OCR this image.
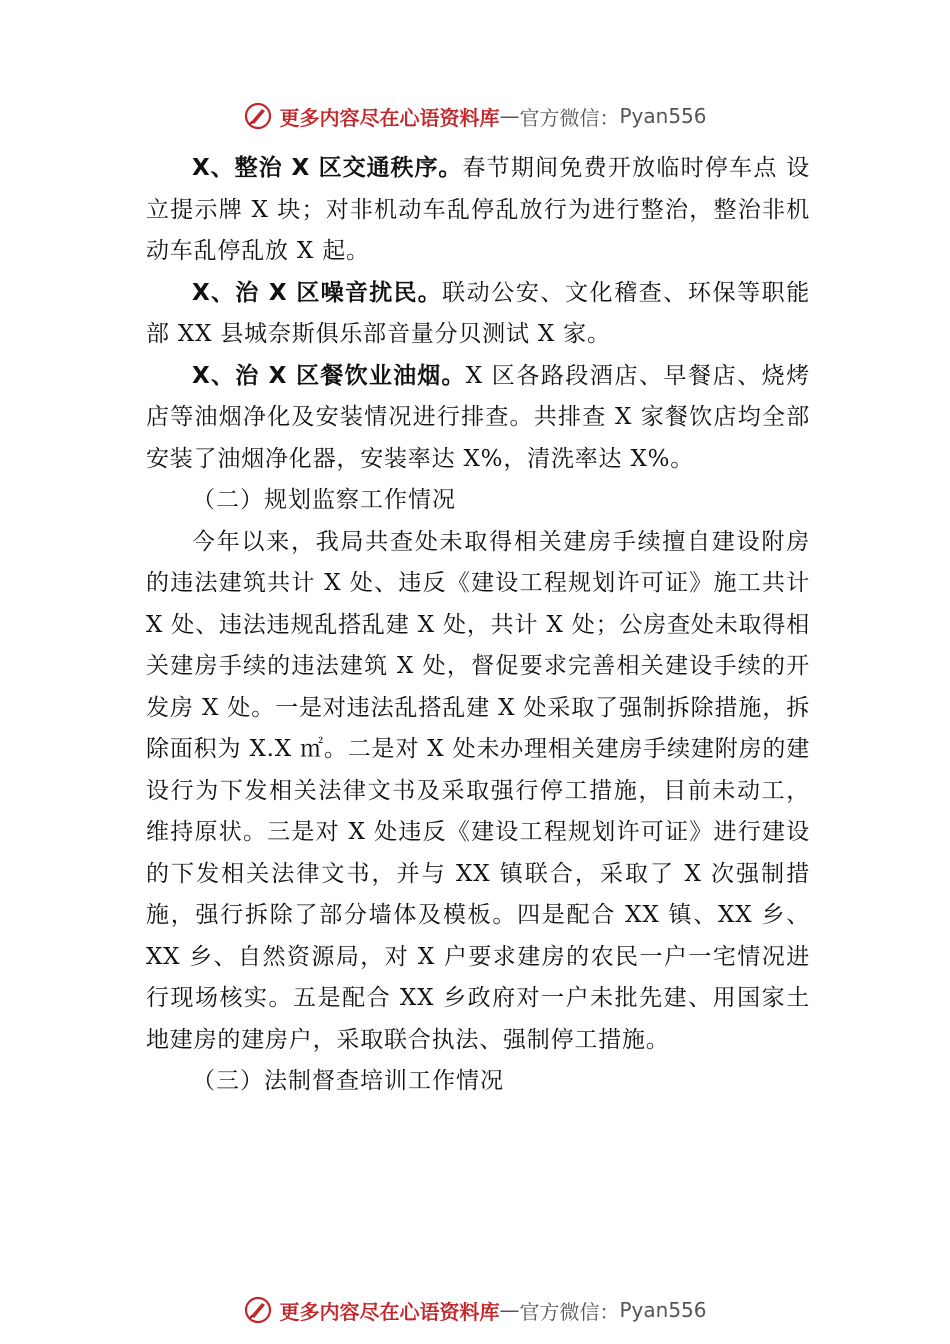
更多内容尽在心语资料库 — 官方微信： Pyan556

X、整治 X 区交通秩序。春节期间免费开放临时停车点 设立提示牌 X 块；对非机动车乱停乱放行为进行整治，整治非机动车乱停乱放 X 起。

X、治 X 区噪音扰民。联动公安、文化稽查、环保等职能部 XX 县城奈斯俱乐部音量分贝测试 X 家。

X、治 X 区餐饮业油烟。X 区各路段酒店、早餐店、烧烤店等油烟净化及安装情况进行排查。共排查 X 家餐饮店均全部安装了油烟净化器，安装率达 X%，清洗率达 X%。

（二）规划监察工作情况

今年以来，我局共查处未取得相关建房手续擅自建设附房的违法建筑共计 X 处、违反《建设工程规划许可证》施工共计 X 处、违法违规乱搭乱建 X 处，共计 X 处；公房查处未取得相关建房手续的违法建筑 X 处，督促要求完善相关建设手续的开发房 X 处。一是对违法乱搭乱建 X 处采取了强制拆除措施，拆除面积为 X.X ㎡。二是对 X 处未办理相关建房手续建附房的建设行为下发相关法律文书及采取强行停工措施，目前未动工，维持原状。三是对 X 处违反《建设工程规划许可证》进行建设的下发相关法律文书，并与 XX 镇联合，采取了 X 次强制措施，强行拆除了部分墙体及模板。四是配合 XX 镇、XX 乡、XX 乡、自然资源局，对 X 户要求建房的农民一户一宅情况进行现场核实。五是配合 XX 乡政府对一户未批先建、用国家土地建房的建房户，采取联合执法、强制停工措施。

（三）法制督查培训工作情况

更多内容尽在心语资料库 — 官方微信： Pyan556
